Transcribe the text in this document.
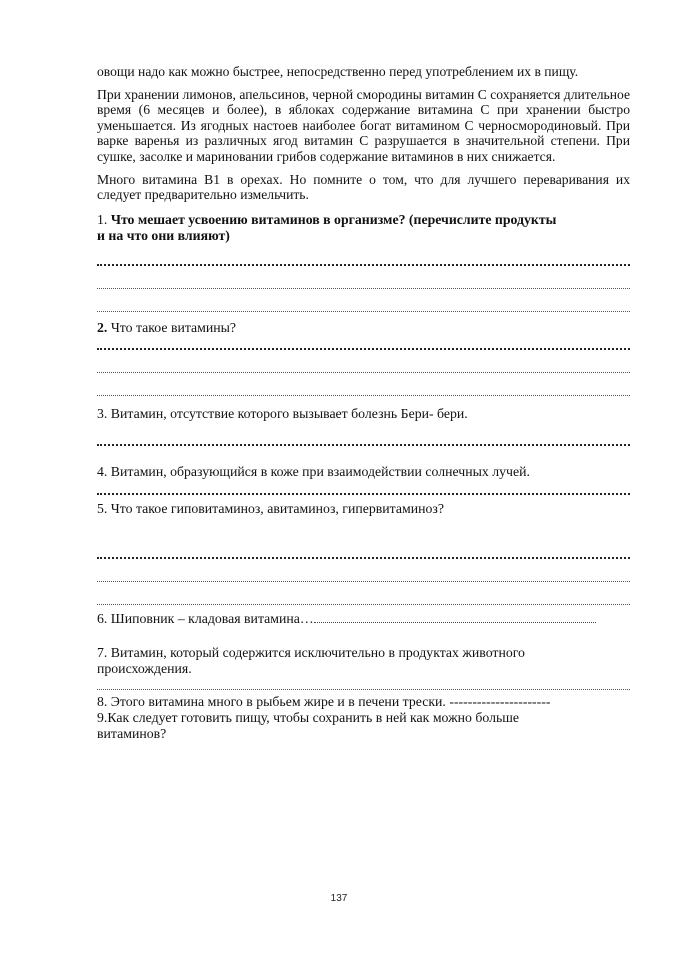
овощи надо как можно быстрее, непосредственно перед употреблением их в пищу.

При хранении лимонов, апельсинов, черной смородины витамин С сохраняется длительное время (6 месяцев и более), в яблоках содержание витамина С при хранении быстро уменьшается. Из ягодных настоев наиболее богат витамином С черносмородиновый. При варке варенья из различных ягод витамин С разрушается в значительной степени. При сушке, засолке и мариновании грибов содержание витаминов в них снижается.

Много витамина В1 в орехах. Но помните о том, что для лучшего переваривания их следует предварительно измельчить.

1. Что мешает усвоению витаминов в организме? (перечислите продукты и на что они влияют)

2. Что такое витамины?

3. Витамин, отсутствие которого вызывает болезнь Бери- бери.

4. Витамин, образующийся в коже при взаимодействии солнечных лучей.

5. Что такое гиповитаминоз, авитаминоз, гипервитаминоз?

6. Шиповник – кладовая витамина…

7. Витамин, который содержится исключительно в продуктах животного происхождения.

8. Этого витамина много в рыбьем жире и в печени трески. ----------------------

9.Как следует готовить пищу, чтобы сохранить в ней как можно больше витаминов?

137
